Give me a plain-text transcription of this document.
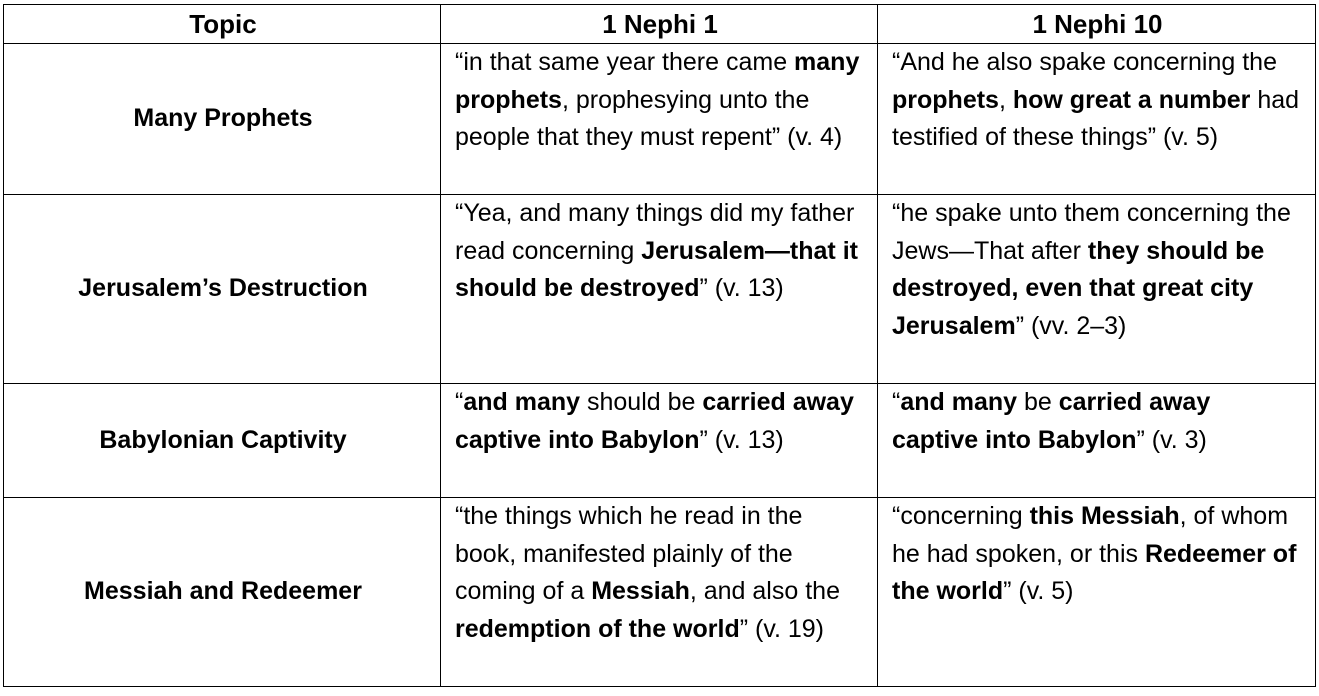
Topic	1 Nephi 1	1 Nephi 10
Many Prophets	“in that same year there came many prophets, prophesying unto the people that they must repent” (v. 4)	“And he also spake concerning the prophets, how great a number had testified of these things” (v. 5)
Jerusalem’s Destruction	“Yea, and many things did my father read concerning Jerusalem—that it should be destroyed” (v. 13)	“he spake unto them concerning the Jews—That after they should be destroyed, even that great city Jerusalem” (vv. 2–3)
Babylonian Captivity	“and many should be carried away captive into Babylon” (v. 13)	“and many be carried away captive into Babylon” (v. 3)
Messiah and Redeemer	“the things which he read in the book, manifested plainly of the coming of a Messiah, and also the redemption of the world” (v. 19)	“concerning this Messiah, of whom he had spoken, or this Redeemer of the world” (v. 5)
